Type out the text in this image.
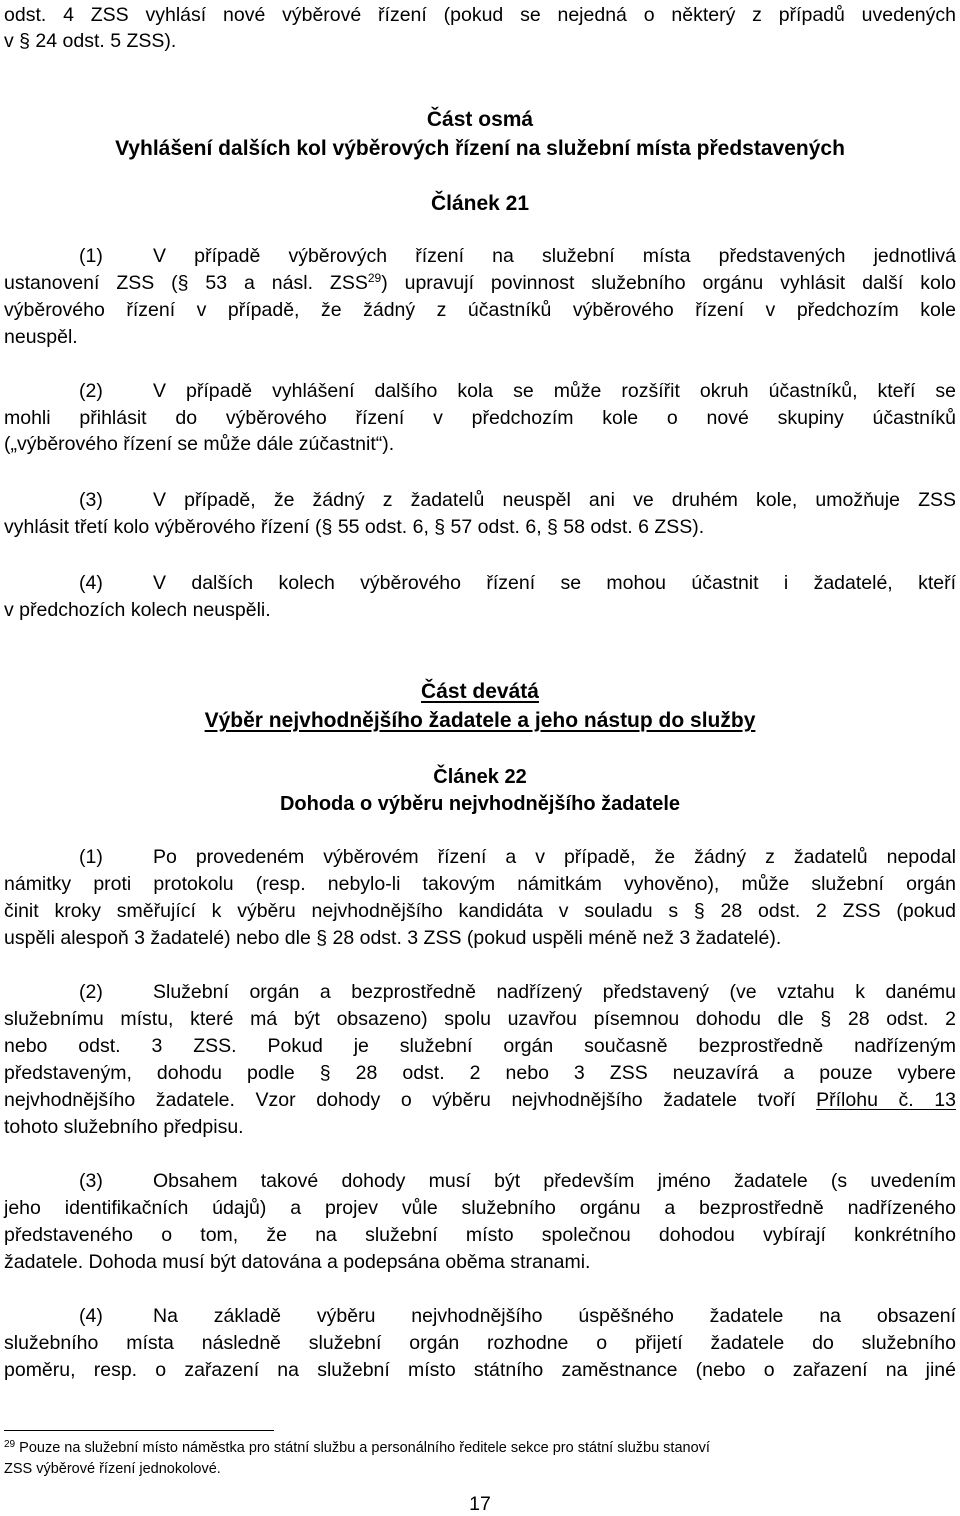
odst. 4 ZSS vyhlásí nové výběrové řízení (pokud se nejedná o některý z případů uvedených
v § 24 odst. 5 ZSS).
Část osmá
Vyhlášení dalších kol výběrových řízení na služební místa představených
Článek 21
(1)	V případě výběrových řízení na služební místa představených jednotlivá
ustanovení ZSS (§ 53 a násl. ZSS$^{29}$) upravují povinnost služebního orgánu vyhlásit další kolo
výběrového řízení v případě, že žádný z účastníků výběrového řízení v předchozím kole
neuspěl.
(2)	V případě vyhlášení dalšího kola se může rozšířit okruh účastníků, kteří se
mohli přihlásit do výběrového řízení v předchozím kole o nové skupiny účastníků
(„výběrového řízení se může dále zúčastnit“).
(3)	V případě, že žádný z žadatelů neuspěl ani ve druhém kole, umožňuje ZSS
vyhlásit třetí kolo výběrového řízení (§ 55 odst. 6, § 57 odst. 6, § 58 odst. 6 ZSS).
(4)	V dalších kolech výběrového řízení se mohou účastnit i žadatelé, kteří
v předchozích kolech neuspěli.
Část devátá
Výběr nejvhodnějšího žadatele a jeho nástup do služby
Článek 22
Dohoda o výběru nejvhodnějšího žadatele
(1)	Po provedeném výběrovém řízení a v případě, že žádný z žadatelů nepodal
námitky proti protokolu (resp. nebylo-li takovým námitkám vyhověno), může služební orgán
činit kroky směřující k výběru nejvhodnějšího kandidáta v souladu s § 28 odst. 2 ZSS (pokud
uspěli alespoň 3 žadatelé) nebo dle § 28 odst. 3 ZSS (pokud uspěli méně než 3 žadatelé).
(2)	Služební orgán a bezprostředně nadřízený představený (ve vztahu k danému
služebnímu místu, které má být obsazeno) spolu uzavřou písemnou dohodu dle § 28 odst. 2
nebo odst. 3 ZSS. Pokud je služební orgán současně bezprostředně nadřízeným
představeným, dohodu podle § 28 odst. 2 nebo 3 ZSS neuzavírá a pouze vybere
nejvhodnějšího žadatele. Vzor dohody o výběru nejvhodnějšího žadatele tvoří Přílohu č. 13
tohoto služebního předpisu.
(3)	Obsahem takové dohody musí být především jméno žadatele (s uvedením
jeho identifikačních údajů) a projev vůle služebního orgánu a bezprostředně nadřízeného
představeného o tom, že na služební místo společnou dohodou vybírají konkrétního
žadatele. Dohoda musí být datována a podepsána oběma stranami.
(4)	Na základě výběru nejvhodnějšího úspěšného žadatele na obsazení
služebního místa následně služební orgán rozhodne o přijetí žadatele do služebního
poměru, resp. o zařazení na služební místo státního zaměstnance (nebo o zařazení na jiné
$^{29}$ Pouze na služební místo náměstka pro státní službu a personálního ředitele sekce pro státní službu stanoví
ZSS výběrové řízení jednokolové.
17
